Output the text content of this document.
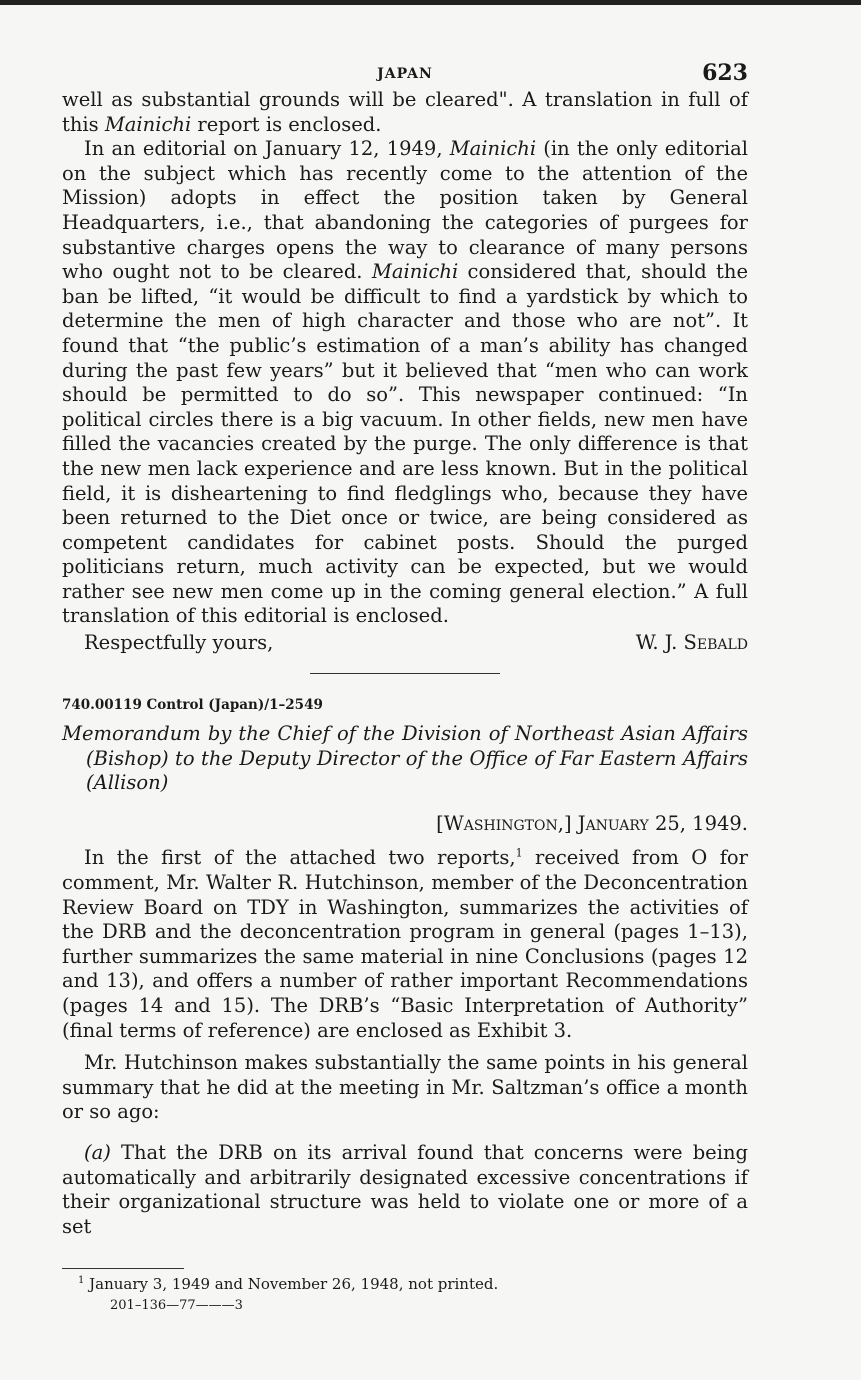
JAPAN	623

well as substantial grounds will be cleared". A translation in full of this Mainichi report is enclosed.

In an editorial on January 12, 1949, Mainichi (in the only editorial on the subject which has recently come to the attention of the Mission) adopts in effect the position taken by General Headquarters, i.e., that abandoning the categories of purgees for substantive charges opens the way to clearance of many persons who ought not to be cleared. Mainichi considered that, should the ban be lifted, “it would be difficult to find a yardstick by which to determine the men of high character and those who are not”. It found that “the public’s estimation of a man’s ability has changed during the past few years” but it believed that “men who can work should be permitted to do so”. This newspaper continued: “In political circles there is a big vacuum. In other fields, new men have filled the vacancies created by the purge. The only difference is that the new men lack experience and are less known. But in the political field, it is disheartening to find fledglings who, because they have been returned to the Diet once or twice, are being considered as competent candidates for cabinet posts. Should the purged politicians return, much activity can be expected, but we would rather see new men come up in the coming general election.” A full translation of this editorial is enclosed.

Respectfully yours,	W. J. Sebald
740.00119 Control (Japan)/1–2549

Memorandum by the Chief of the Division of Northeast Asian Affairs (Bishop) to the Deputy Director of the Office of Far Eastern Affairs (Allison)

[Washington,] January 25, 1949.

In the first of the attached two reports,$^1$ received from O for comment, Mr. Walter R. Hutchinson, member of the Deconcentration Review Board on TDY in Washington, summarizes the activities of the DRB and the deconcentration program in general (pages 1–13), further summarizes the same material in nine Conclusions (pages 12 and 13), and offers a number of rather important Recommendations (pages 14 and 15). The DRB’s “Basic Interpretation of Authority” (final terms of reference) are enclosed as Exhibit 3.

Mr. Hutchinson makes substantially the same points in his general summary that he did at the meeting in Mr. Saltzman’s office a month or so ago:

(a) That the DRB on its arrival found that concerns were being automatically and arbitrarily designated excessive concentrations if their organizational structure was held to violate one or more of a set

$^1$ January 3, 1949 and November 26, 1948, not printed.
201–136—77———3
